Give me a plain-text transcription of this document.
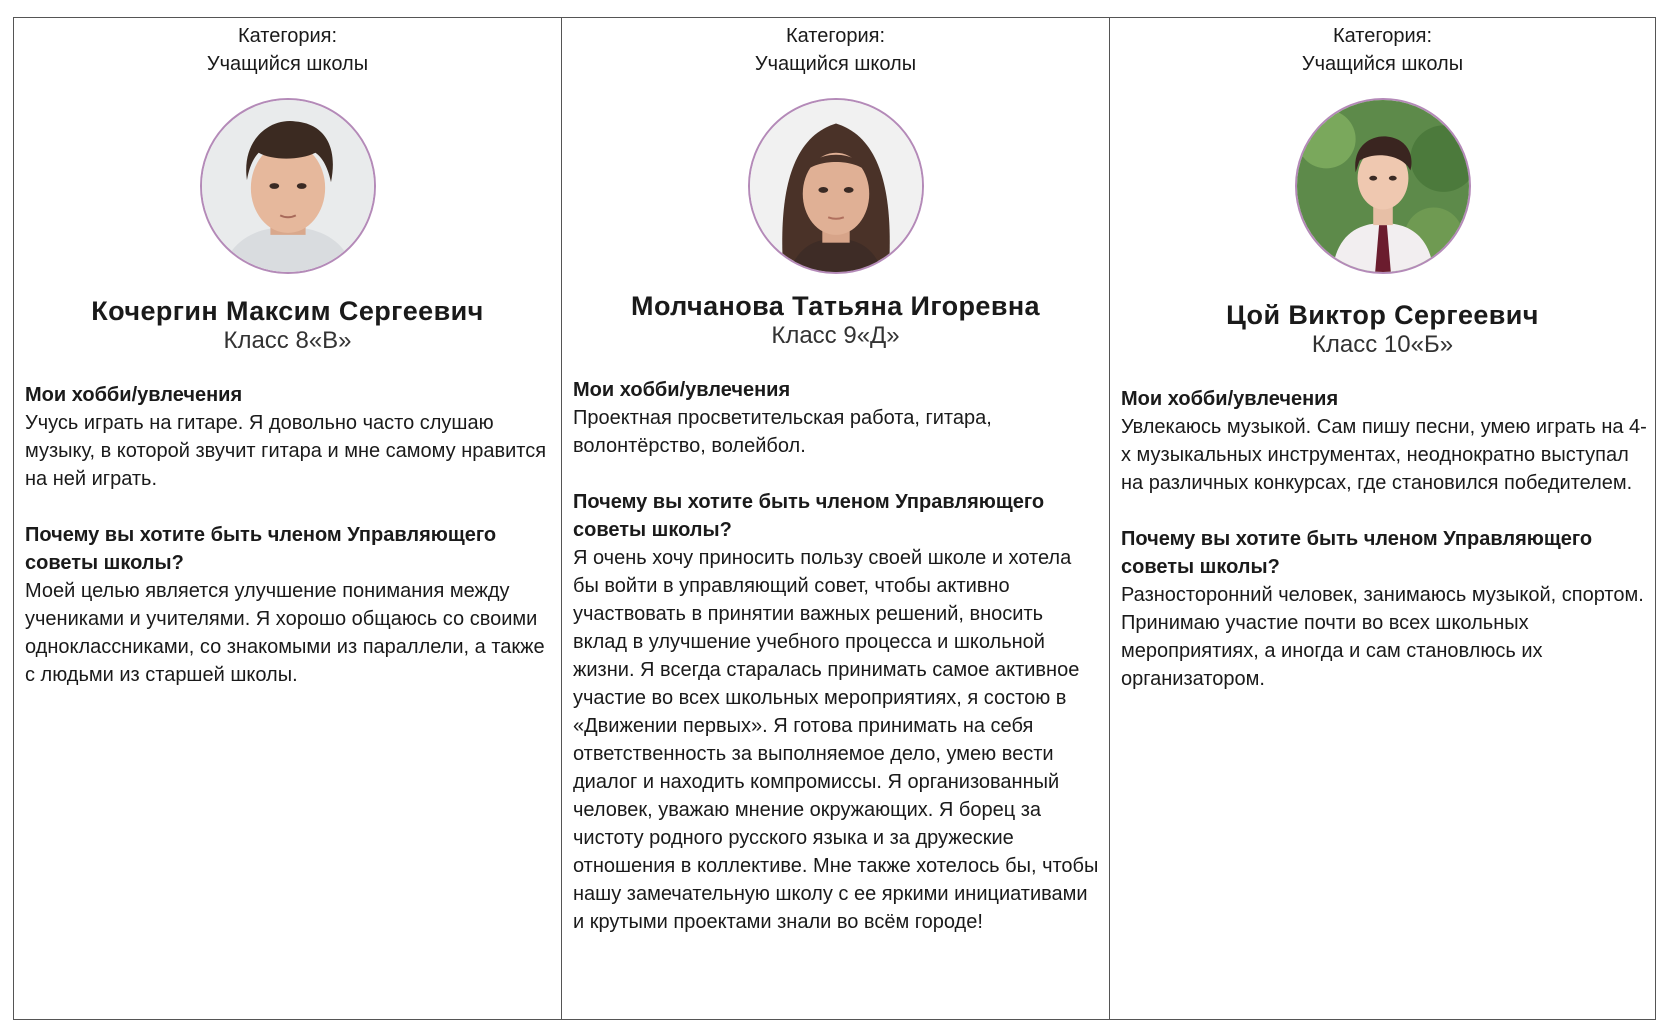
Категория:
Учащийся школы
Кочергин Максим Сергеевич
Класс 8«В»

Мои хобби/увлечения

Учусь играть на гитаре. Я довольно часто слушаю музыку, в которой звучит гитара и мне самому нравится на ней играть.

Почему вы хотите быть членом Управляющего советы школы?

Моей целью является улучшение понимания между учениками и учителями. Я хорошо общаюсь со своими одноклассниками, со знакомыми из параллели, а также с людьми из старшей школы.

Категория:
Учащийся школы
Молчанова Татьяна Игоревна
Класс 9«Д»

Мои хобби/увлечения

Проектная просветительская работа, гитара, волонтёрство, волейбол.

Почему вы хотите быть членом Управляющего советы школы?

Я очень хочу приносить пользу своей школе и хотела бы войти в управляющий совет, чтобы активно участвовать в принятии важных решений, вносить вклад в улучшение учебного процесса и школьной жизни. Я всегда старалась принимать самое активное участие во всех школьных мероприятиях, я состою в «Движении первых». Я готова принимать на себя ответственность за выполняемое дело, умею вести диалог и находить компромиссы. Я организованный человек, уважаю мнение окружающих. Я борец за чистоту родного русского языка и за дружеские отношения в коллективе. Мне также хотелось бы, чтобы нашу замечательную школу с ее яркими инициативами и крутыми проектами знали во всём городе!

Категория:
Учащийся школы
Цой Виктор Сергеевич
Класс 10«Б»

Мои хобби/увлечения

Увлекаюсь музыкой. Сам пишу песни, умею играть на 4-х музыкальных инструментах, неоднократно выступал на различных конкурсах, где становился победителем.

Почему вы хотите быть членом Управляющего советы школы?

Разносторонний человек, занимаюсь музыкой, спортом. Принимаю участие почти во всех школьных мероприятиях, а иногда и сам становлюсь их организатором.
